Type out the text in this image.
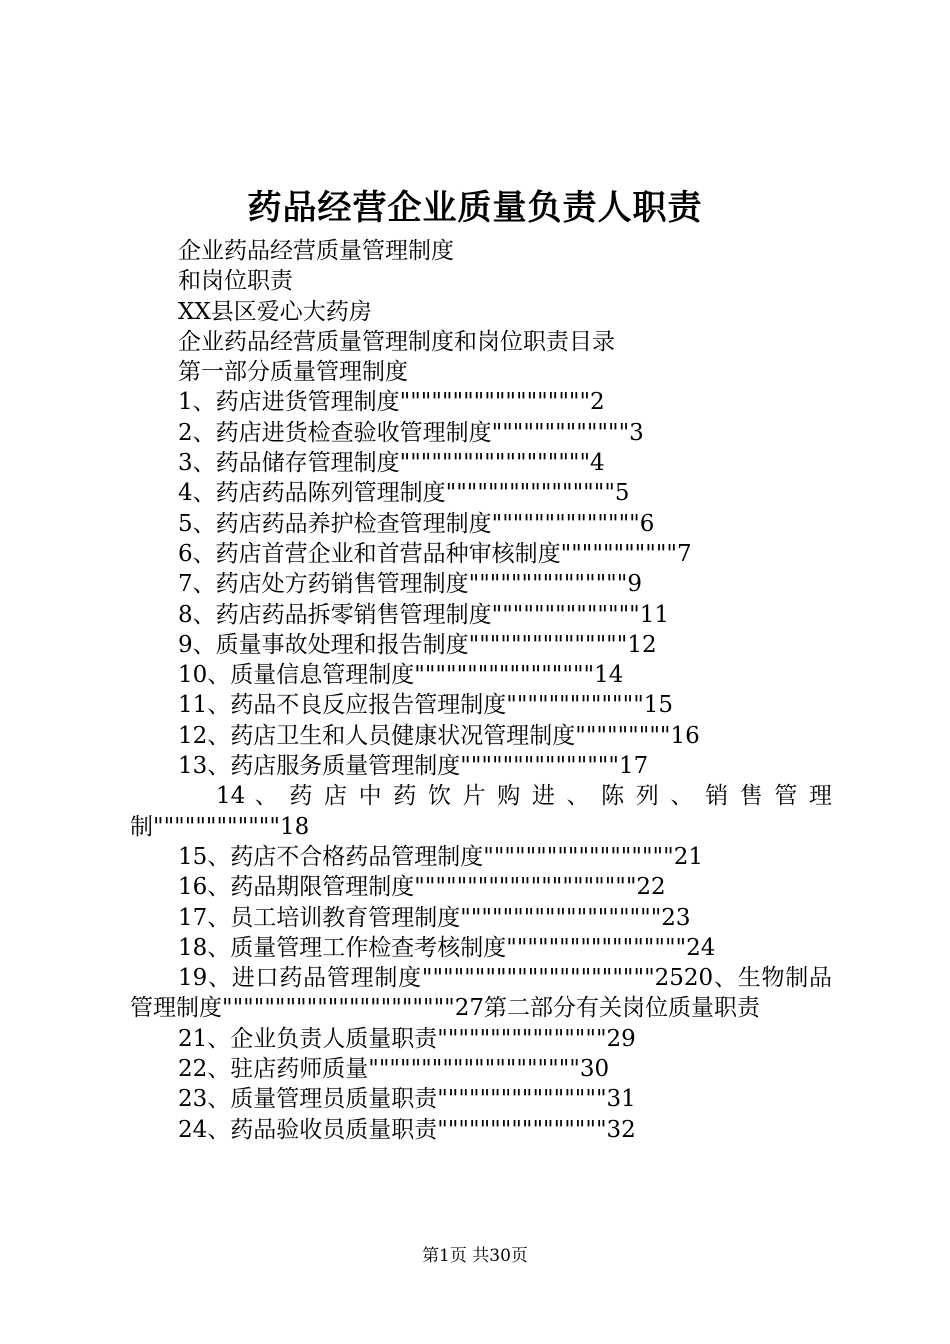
药品经营企业质量负责人职责
企业药品经营质量管理制度
和岗位职责
XX县区爱心大药房
企业药品经营质量管理制度和岗位职责目录
第一部分质量管理制度
1、药店进货管理制度""""""""""""""""""2
2、药店进货检查验收管理制度"""""""""""""3
3、药品储存管理制度""""""""""""""""""4
4、药店药品陈列管理制度""""""""""""""""5
5、药店药品养护检查管理制度""""""""""""""6
6、药店首营企业和首营品种审核制度"""""""""""7
7、药店处方药销售管理制度"""""""""""""""9
8、药店药品拆零销售管理制度""""""""""""""11
9、质量事故处理和报告制度"""""""""""""""12
10、质量信息管理制度"""""""""""""""""14
11、药品不良反应报告管理制度"""""""""""""15
12、药店卫生和人员健康状况管理制度"""""""""16
13、药店服务质量管理制度"""""""""""""""17
14 、 药 店 中 药 饮 片 购 进 、 陈 列 、 销 售 管 理
制""""""""""""18
15、药店不合格药品管理制度""""""""""""""""""21
16、药品期限管理制度"""""""""""""""""""""22
17、员工培训教育管理制度"""""""""""""""""""23
18、质量管理工作检查考核制度"""""""""""""""""24
19、进口药品管理制度""""""""""""""""""""""2520、生物制品管理制度""""""""""""""""""""""27第二部分有关岗位质量职责
21、企业负责人质量职责""""""""""""""""29
22、驻店药师质量""""""""""""""""""""30
23、质量管理员质量职责""""""""""""""""31
24、药品验收员质量职责""""""""""""""""32
第1页 共30页
